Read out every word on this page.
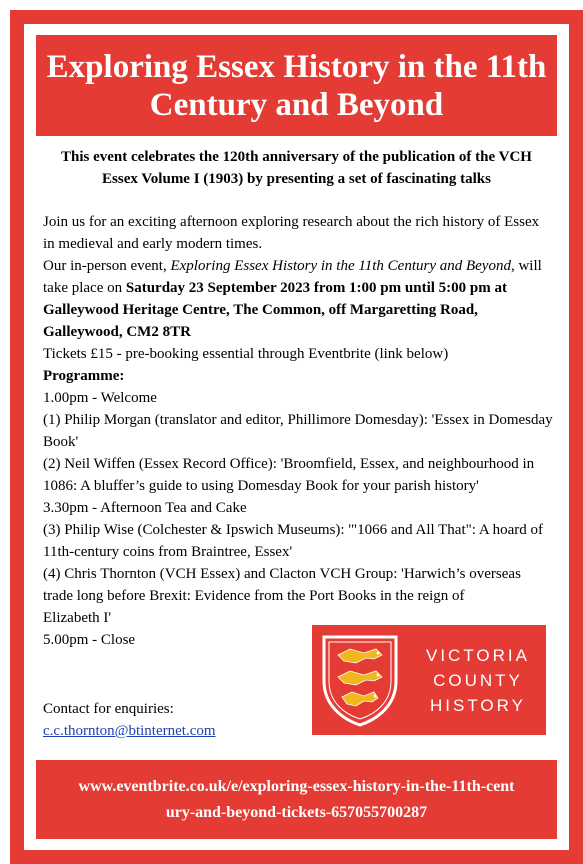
Exploring Essex History in the 11th Century and Beyond
This event celebrates the 120th anniversary of the publication of the VCH Essex Volume I (1903) by presenting a set of fascinating talks

Join us for an exciting afternoon exploring research about the rich history of Essex in medieval and early modern times.

Our in-person event, Exploring Essex History in the 11th Century and Beyond, will take place on Saturday 23 September 2023 from 1:00 pm until 5:00 pm at Galleywood Heritage Centre, The Common, off Margaretting Road, Galleywood, CM2 8TR

Tickets £15 - pre-booking essential through Eventbrite (link below)

Programme:

1.00pm - Welcome

(1) Philip Morgan (translator and editor, Phillimore Domesday): 'Essex in Domesday Book'

(2) Neil Wiffen (Essex Record Office): 'Broomfield, Essex, and neighbourhood in 1086: A bluffer’s guide to using Domesday Book for your parish history'

3.30pm - Afternoon Tea and Cake

(3) Philip Wise (Colchester & Ipswich Museums): '"1066 and All That": A hoard of 11th-century coins from Braintree, Essex'

(4) Chris Thornton (VCH Essex) and Clacton VCH Group: 'Harwich’s overseas trade long before Brexit: Evidence from the Port Books in the reign of Elizabeth I'

5.00pm - Close

Contact for enquiries:

c.c.thornton@btinternet.com
VICTORIA
COUNTY
HISTORY
www.eventbrite.co.uk/e/exploring-essex-history-in-the-11th-century-and-beyond-tickets-657055700287
